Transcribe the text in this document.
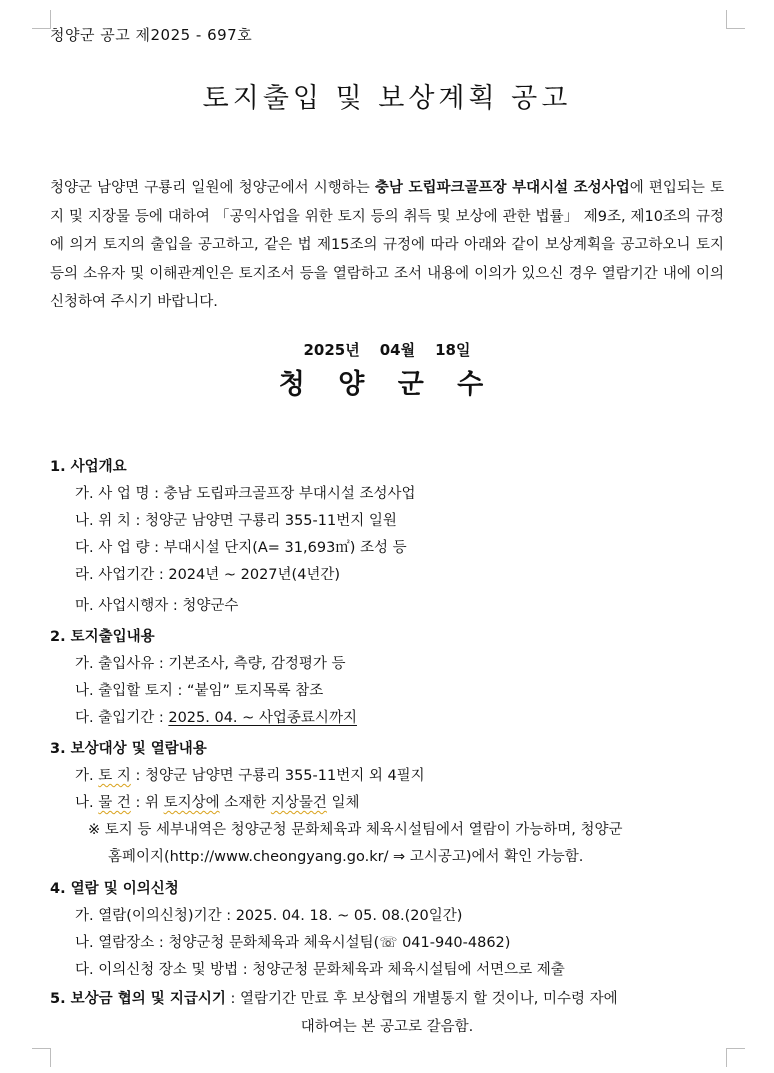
청양군 공고 제2025 - 697호
토지출입 및 보상계획 공고
청양군 남양면 구룡리 일원에 청양군에서 시행하는 충남 도립파크골프장 부대시설 조성사업에 편입되는 토지 및 지장물 등에 대하여 「공익사업을 위한 토지 등의 취득 및 보상에 관한 법률」 제9조, 제10조의 규정에 의거 토지의 출입을 공고하고, 같은 법 제15조의 규정에 따라 아래와 같이 보상계획을 공고하오니 토지 등의 소유자 및 이해관계인은 토지조서 등을 열람하고 조서 내용에 이의가 있으신 경우 열람기간 내에 이의신청하여 주시기 바랍니다.
2025년 04월 18일
청 양 군 수
1. 사업개요
가. 사 업 명 : 충남 도립파크골프장 부대시설 조성사업
나. 위 치 : 청양군 남양면 구룡리 355-11번지 일원
다. 사 업 량 : 부대시설 단지(A= 31,693㎡) 조성 등
라. 사업기간 : 2024년 ~ 2027년(4년간)
마. 사업시행자 : 청양군수
2. 토지출입내용
가. 출입사유 : 기본조사, 측량, 감정평가 등
나. 출입할 토지 : “붙임” 토지목록 참조
다. 출입기간 : 2025. 04. ~ 사업종료시까지
3. 보상대상 및 열람내용
가. 토 지 : 청양군 남양면 구룡리 355-11번지 외 4필지
나. 물 건 : 위 토지상에 소재한 지상물건 일체
※ 토지 등 세부내역은 청양군청 문화체육과 체육시설팀에서 열람이 가능하며, 청양군
홈페이지(http://www.cheongyang.go.kr/ ⇒ 고시공고)에서 확인 가능함.
4. 열람 및 이의신청
가. 열람(이의신청)기간 : 2025. 04. 18. ~ 05. 08.(20일간)
나. 열람장소 : 청양군청 문화체육과 체육시설팀(☏ 041-940-4862)
다. 이의신청 장소 및 방법 : 청양군청 문화체육과 체육시설팀에 서면으로 제출
5. 보상금 협의 및 지급시기 : 열람기간 만료 후 보상협의 개별통지 할 것이나, 미수령 자에
대하여는 본 공고로 갈음함.
